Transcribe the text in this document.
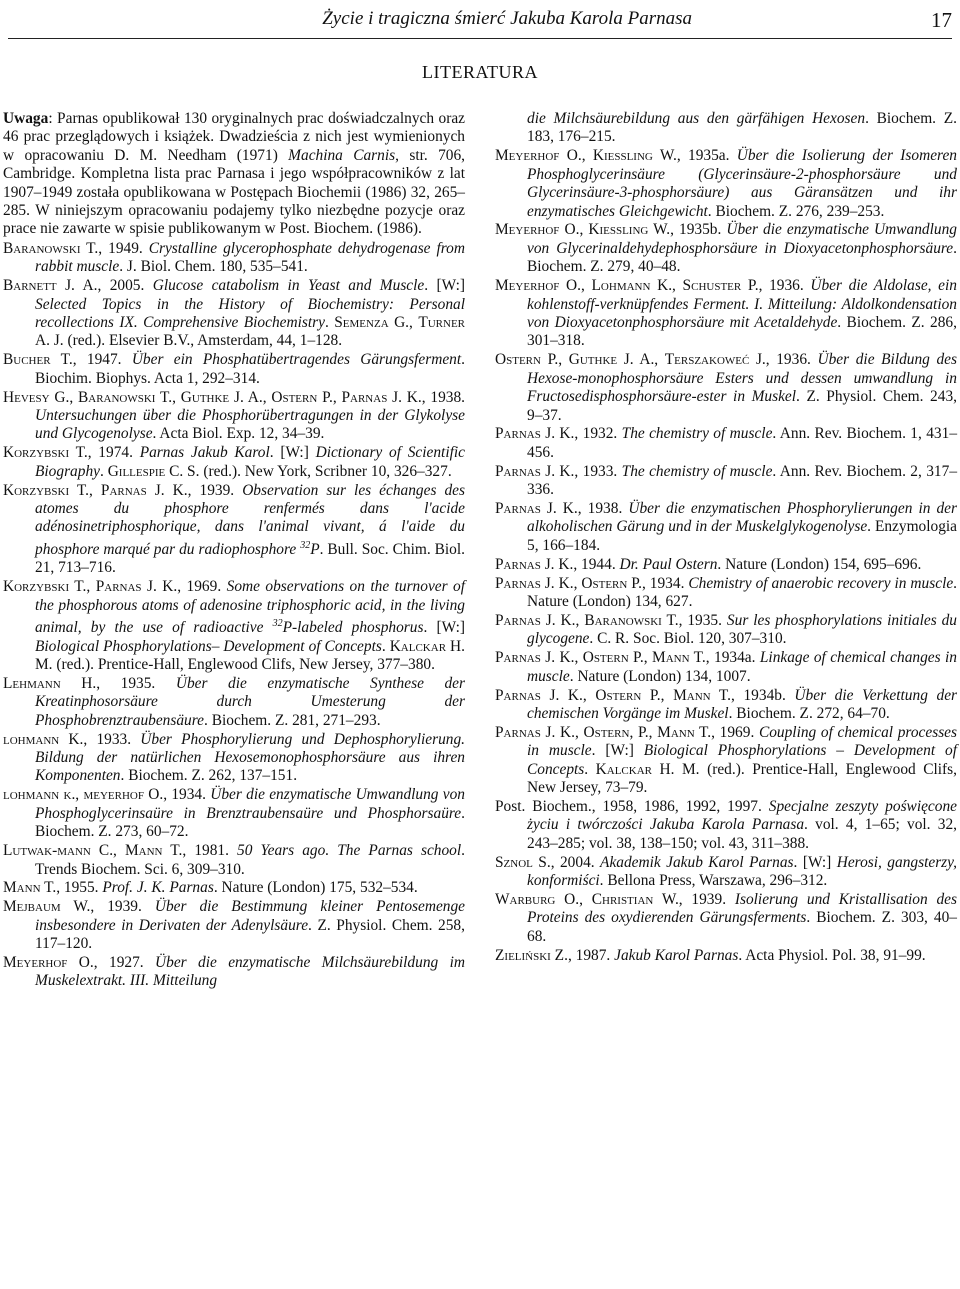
Życie i tragiczna śmierć Jakuba Karola Parnasa	17
LITERATURA

Uwaga: Parnas opublikował 130 oryginalnych prac doświadczalnych oraz 46 prac przeglądowych i książek. Dwadzieścia z nich jest wymienionych w opracowaniu D. M. Needham (1971) Machina Carnis, str. 706, Cambridge. Kompletna lista prac Parnasa i jego współpracowników z lat 1907–1949 została opublikowana w Postępach Biochemii (1986) 32, 265–285. W niniejszym opracowaniu podajemy tylko niezbędne pozycje oraz prace nie zawarte w spisie publikowanym w Post. Biochem. (1986).

Baranowski T., 1949. Crystalline glycerophosphate dehydrogenase from rabbit muscle. J. Biol. Chem. 180, 535–541.

Barnett J. A., 2005. Glucose catabolism in Yeast and Muscle. [W:] Selected Topics in the History of Biochemistry: Personal recollections IX. Comprehensive Biochemistry. Semenza G., Turner A. J. (red.). Elsevier B.V., Amsterdam, 44, 1–128.

Bucher T., 1947. Über ein Phosphatübertragendes Gärungsferment. Biochim. Biophys. Acta 1, 292–314.

Hevesy G., Baranowski T., Guthke J. A., Ostern P., Parnas J. K., 1938. Untersuchungen über die Phosphorübertragungen in der Glykolyse und Glycogenolyse. Acta Biol. Exp. 12, 34–39.

Korzybski T., 1974. Parnas Jakub Karol. [W:] Dictionary of Scientific Biography. Gillespie C. S. (red.). New York, Scribner 10, 326–327.

Korzybski T., Parnas J. K., 1939. Observation sur les échanges des atomes du phosphore renfermés dans l'acide adénosinetriphosphorique, dans l'animal vivant, á l'aide du phosphore marqué par du radiophosphore $^{32}$P. Bull. Soc. Chim. Biol. 21, 713–716.

Korzybski T., Parnas J. K., 1969. Some observations on the turnover of the phosphorous atoms of adenosine triphosphoric acid, in the living animal, by the use of radioactive $^{32}$P-labeled phosphorus. [W:] Biological Phosphorylations– Development of Concepts. Kalckar H. M. (red.). Prentice-Hall, Englewood Clifs, New Jersey, 377–380.

Lehmann H., 1935. Über die enzymatische Synthese der Kreatinphosorsäure durch Umesterung der Phosphobrenztraubensäure. Biochem. Z. 281, 271–293.

lohmann K., 1933. Über Phosphorylierung und Dephosphorylierung. Bildung der natürlichen Hexosemonophosphorsäure aus ihren Komponenten. Biochem. Z. 262, 137–151.

lohmann k., meyerhof O., 1934. Über die enzymatische Umwandlung von Phosphoglycerinsaüre in Brenztraubensaüre und Phosphorsaüre. Biochem. Z. 273, 60–72.

Lutwak-mann C., Mann T., 1981. 50 Years ago. The Parnas school. Trends Biochem. Sci. 6, 309–310.

Mann T., 1955. Prof. J. K. Parnas. Nature (London) 175, 532–534.

Mejbaum W., 1939. Über die Bestimmung kleiner Pentosemenge insbesondere in Derivaten der Adenylsäure. Z. Physiol. Chem. 258, 117–120.

Meyerhof O., 1927. Über die enzymatische Milchsäurebildung im Muskelextrakt. III. Mitteilung

die Milchsäurebildung aus den gärfähigen Hexosen. Biochem. Z. 183, 176–215.

Meyerhof O., Kiessling W., 1935a. Über die Isolierung der Isomeren Phosphoglycerinsäure (Glycerinsäure-2-phosphorsäure und Glycerinsäure-3-phosphorsäure) aus Gäransätzen und ihr enzymatisches Gleichgewicht. Biochem. Z. 276, 239–253.

Meyerhof O., Kiessling W., 1935b. Über die enzymatische Umwandlung von Glycerinaldehydephosphorsäure in Dioxyacetonphosphorsäure. Biochem. Z. 279, 40–48.

Meyerhof O., Lohmann K., Schuster P., 1936. Über die Aldolase, ein kohlenstoff-verknüpfendes Ferment. I. Mitteilung: Aldolkondensation von Dioxyacetonphosphorsäure mit Acetaldehyde. Biochem. Z. 286, 301–318.

Ostern P., Guthke J. A., Terszakoweć J., 1936. Über die Bildung des Hexose-monophosphorsäure Esters und dessen umwandlung in Fructosedisphosphorsäure-ester in Muskel. Z. Physiol. Chem. 243, 9–37.

Parnas J. K., 1932. The chemistry of muscle. Ann. Rev. Biochem. 1, 431–456.

Parnas J. K., 1933. The chemistry of muscle. Ann. Rev. Biochem. 2, 317–336.

Parnas J. K., 1938. Über die enzymatischen Phosphorylierungen in der alkoholischen Gärung und in der Muskelglykogenolyse. Enzymologia 5, 166–184.

Parnas J. K., 1944. Dr. Paul Ostern. Nature (London) 154, 695–696.

Parnas J. K., Ostern P., 1934. Chemistry of anaerobic recovery in muscle. Nature (London) 134, 627.

Parnas J. K., Baranowski T., 1935. Sur les phosphorylations initiales du glycogene. C. R. Soc. Biol. 120, 307–310.

Parnas J. K., Ostern P., Mann T., 1934a. Linkage of chemical changes in muscle. Nature (London) 134, 1007.

Parnas J. K., Ostern P., Mann T., 1934b. Über die Verkettung der chemischen Vorgänge im Muskel. Biochem. Z. 272, 64–70.

Parnas J. K., Ostern, P., Mann T., 1969. Coupling of chemical processes in muscle. [W:] Biological Phosphorylations – Development of Concepts. Kalckar H. M. (red.). Prentice-Hall, Englewood Clifs, New Jersey, 73–79.

Post. Biochem., 1958, 1986, 1992, 1997. Specjalne zeszyty poświęcone życiu i twórczości Jakuba Karola Parnasa. vol. 4, 1–65; vol. 32, 243–285; vol. 38, 138–150; vol. 43, 311–388.

Sznol S., 2004. Akademik Jakub Karol Parnas. [W:] Herosi, gangsterzy, konformiści. Bellona Press, Warszawa, 296–312.

Warburg O., Christian W., 1939. Isolierung und Kristallisation des Proteins des oxydierenden Gärungsferments. Biochem. Z. 303, 40–68.

Zieliński Z., 1987. Jakub Karol Parnas. Acta Physiol. Pol. 38, 91–99.
